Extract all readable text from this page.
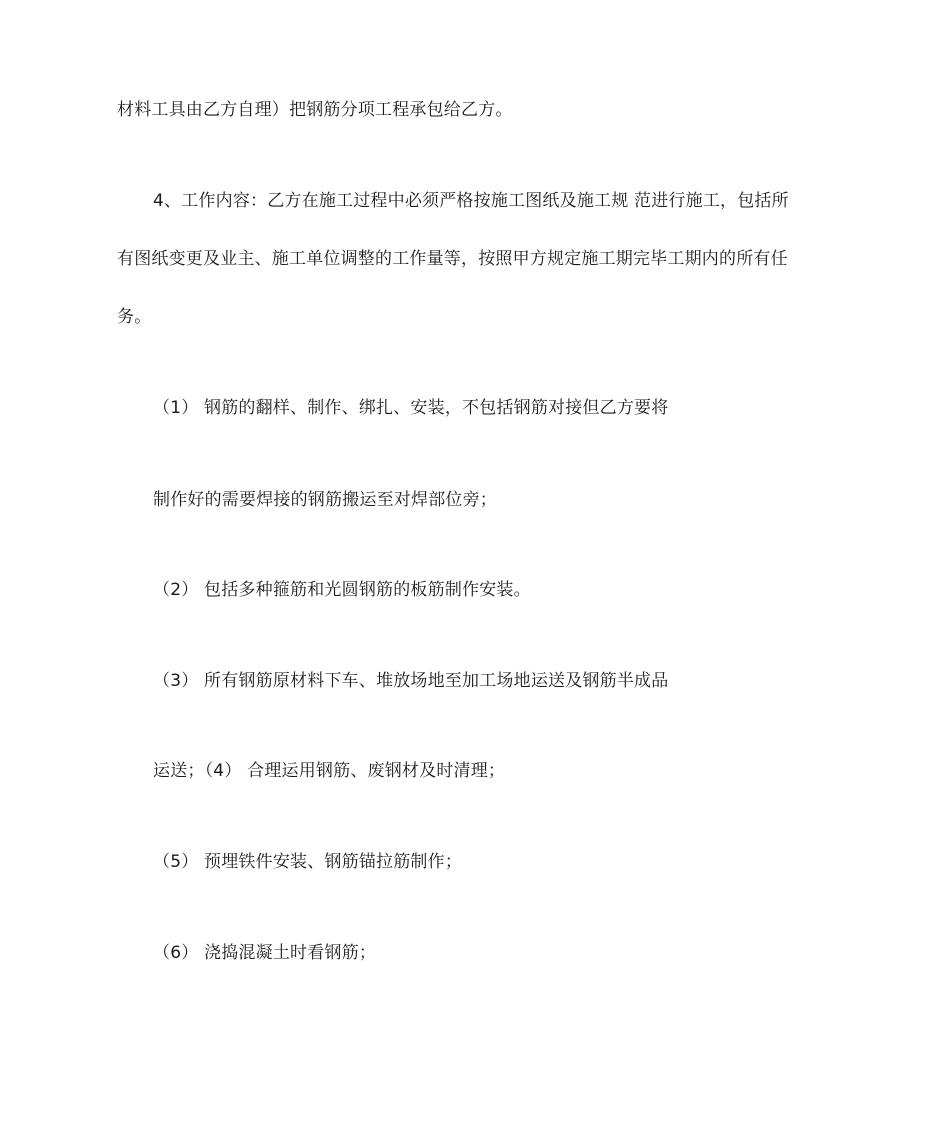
材料工具由乙方自理）把钢筋分项工程承包给乙方。
4、工作内容：乙方在施工过程中必须严格按施工图纸及施工规 范进行施工，包括所
有图纸变更及业主、施工单位调整的工作量等，按照甲方规定施工期完毕工期内的所有任
务。
（1） 钢筋的翻样、制作、绑扎、安装，不包括钢筋对接但乙方要将
制作好的需要焊接的钢筋搬运至对焊部位旁；
（2） 包括多种箍筋和光圆钢筋的板筋制作安装。
（3） 所有钢筋原材料下车、堆放场地至加工场地运送及钢筋半成品
运送；（4） 合理运用钢筋、废钢材及时清理；
（5） 预埋铁件安装、钢筋锚拉筋制作；
（6） 浇捣混凝土时看钢筋；
